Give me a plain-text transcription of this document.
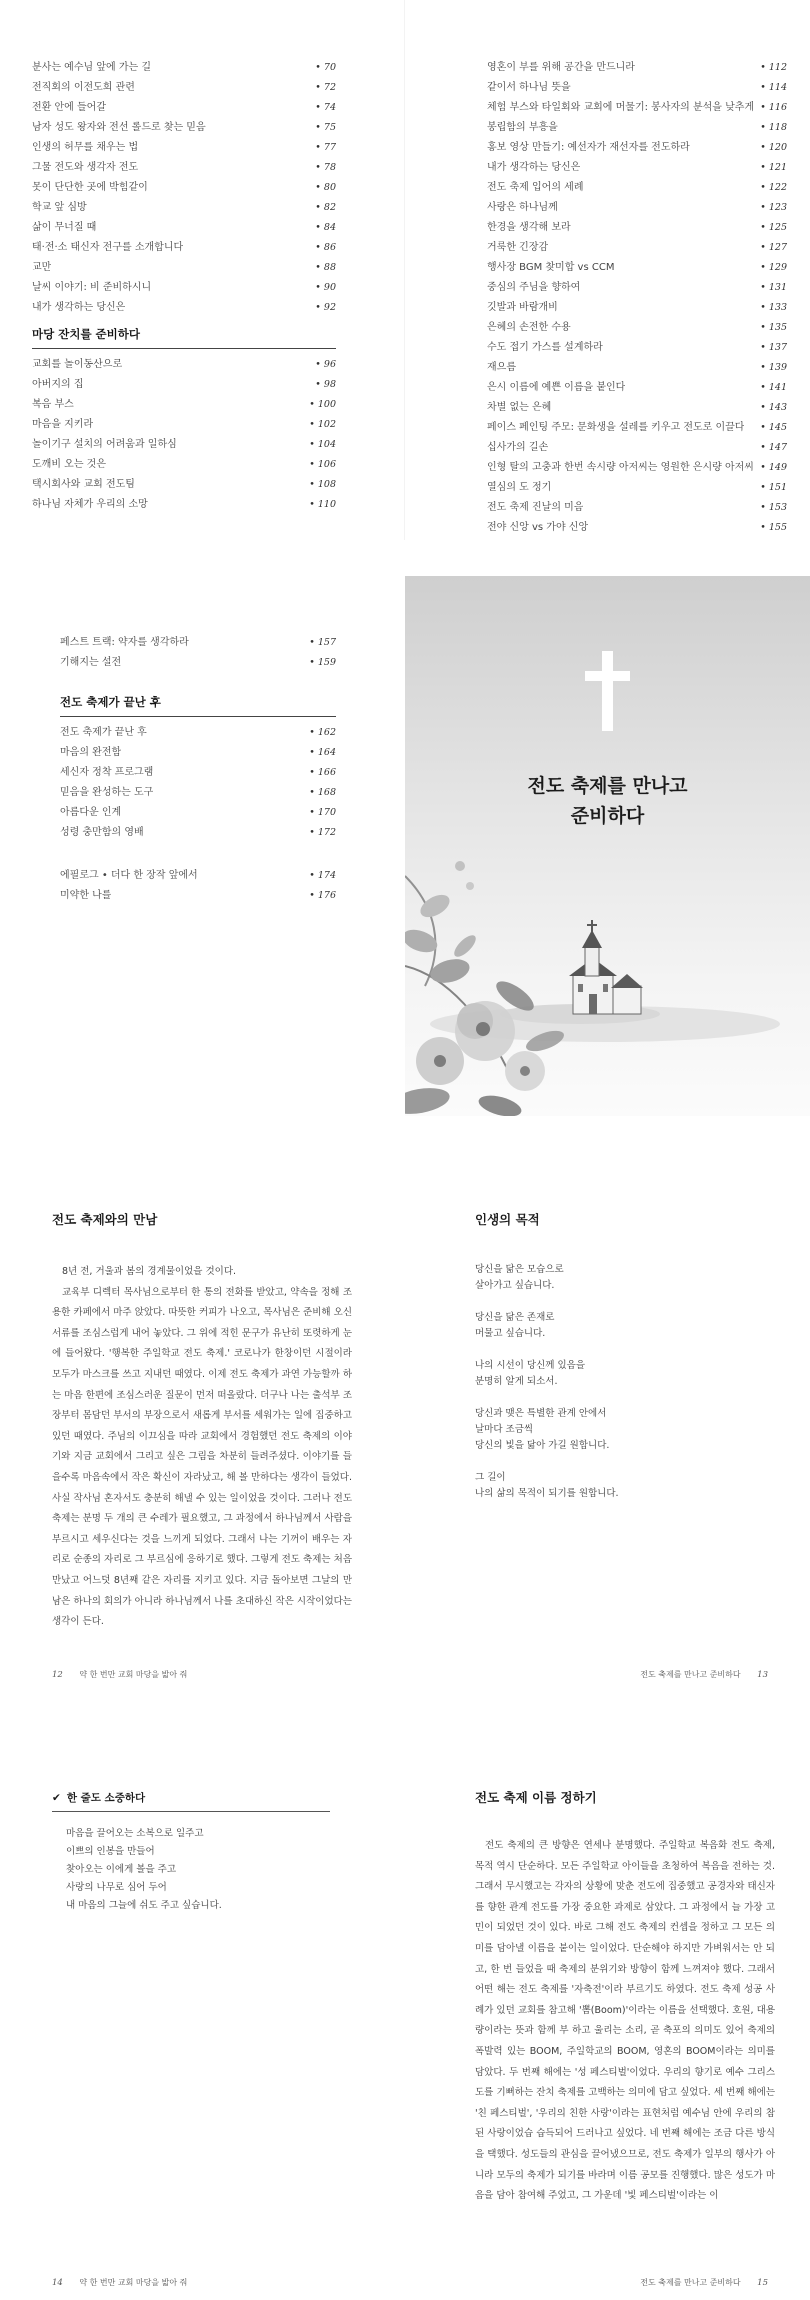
분사는 예수님 앞에 가는 길	• 70
전직회의 이전도희 관련	• 72
전환 안에 들어갈	• 74
남자 성도 왕자와 전선 롤드로 찾는 믿음	• 75
인생의 허무를 채우는 법	• 77
그물 전도와 생각자 전도	• 78
못이 단단한 곳에 박힘같이	• 80
학교 앞 심방	• 82
삶이 무너질 때	• 84
태·전·소 태신자 전구를 소개합니다	• 86
교만	• 88
날씨 이야기: 비 준비하시니	• 90
내가 생각하는 당신은	• 92
마당 잔치를 준비하다
교회를 놀이동산으로	• 96
아버지의 집	• 98
복음 부스	• 100
마음을 지키라	• 102
놀이기구 설치의 어려움과 일하심	• 104
도깨비 오는 것은	• 106
택시회사와 교회 전도팀	• 108
하나님 자체가 우리의 소망	• 110
영혼이 부를 위해 공간을 만드니라	• 112
같이서 하나님 뜻을	• 114
체험 부스와 타일회와 교회에 머물기: 봉사자의 분석을 낮추게 • 116
봉립함의 부흥을	• 118
홍보 영상 만들기: 예선자가 재선자를 전도하라	• 120
내가 생각하는 당신은	• 121
전도 축제 입어의 세례	• 122
사랑은 하나님께	• 123
한경을 생각해 보라	• 125
거룩한 긴장감	• 127
행사장 BGM 찾미합 vs CCM	• 129
중심의 주님을 향하여	• 131
깃발과 바람개비	• 133
은혜의 손전한 수용	• 135
수도 접기 가스를 설계하라	• 137
재으름	• 139
은시 이름에 예쁜 이름을 붙인다	• 141
차별 없는 은혜	• 143
페이스 페인팅 주모: 문화생을 설레를 키우고 전도로 이끌다 • 145
십사가의 길손	• 147
인형 탈의 고충과 한번 속시량 아저씨는 영원한 은시량 아저씨 • 149
열심의 도 정기	• 151
전도 축제 진날의 미음	• 153
전야 신앙 vs 가야 신앙	• 155
페스트 트랙: 약자를 생각하라	• 157
기해지는 설전	• 159
전도 축제가 끝난 후
전도 축제가 끝난 후	• 162
마음의 완전함	• 164
세신자 정착 프로그램	• 166
믿음을 완성하는 도구	• 168
아름다운 인계	• 170
성령 충만함의 영배	• 172
에필로그 • 더다 한 장작 앞에서	• 174
미약한 나를	• 176
전도 축제를 만나고
준비하다
전도 축제와의 만남
8년 전, 거울과 봄의 경계물이었을 것이다.
교육부 디렉터 목사님으로부터 한 통의 전화를 받았고, 약속을 정해 조용한 카페에서 마주 앉았다. 따뜻한 커피가 나오고, 목사님은 준비해 오신 서류를 조심스럽게 내어 놓았다. 그 위에 적힌 문구가 유난히 또렷하게 눈에 들어왔다. '행복한 주일학교 전도 축제.' 코로나가 한창이던 시절이라 모두가 마스크를 쓰고 지내던 때였다. 이제 전도 축제가 과연 가능할까 하는 마음 한편에 조심스러운 질문이 먼저 떠올랐다. 더구나 나는 출석부 조장부터 몸담던 부서의 부장으로서 새롭게 부서를 세워가는 일에 집중하고 있던 때였다. 주님의 이끄심을 따라 교회에서 경험했던 전도 축제의 이야기와 지금 교회에서 그리고 싶은 그림을 차분히 들려주셨다. 이야기를 들을수록 마음속에서 작은 확신이 자라났고, 해 볼 만하다는 생각이 들었다. 사실 작사님 혼자서도 충분히 해낼 수 있는 일이었을 것이다. 그러나 전도 축제는 분명 두 개의 큰 수레가 필요했고, 그 과정에서 하나님께서 사람을 부르시고 세우신다는 것을 느끼게 되었다. 그래서 나는 기꺼이 배우는 자리로 순종의 자리로 그 부르심에 응하기로 했다. 그렇게 전도 축제는 처음 만났고 어느덧 8년째 같은 자리를 지키고 있다. 지금 돌아보면 그날의 만남은 하나의 회의가 아니라 하나님께서 나를 초대하신 작은 시작이었다는 생각이 든다.
12 약 한 번만 교회 마당을 밟아 줘
인생의 목적
당신을 닮은 모습으로
살아가고 싶습니다.
당신을 닮은 존재로
머물고 싶습니다.
나의 시선이 당신께 있음을
분명히 알게 되소서.
당신과 맺은 특별한 관계 안에서
날마다 조금씩
당신의 빛을 닮아 가길 원합니다.
그 길이
나의 삶의 목적이 되기를 원합니다.
전도 축제를 만나고 준비하다 13
✔ 한 줄도 소중하다
마음을 끌어오는 소복으로 일주고
이쁘의 인봉을 만들어
찾아오는 이에게 볼을 주고
사랑의 나무로 심어 두어
내 마음의 그늘에 쉬도 주고 싶습니다.
14 약 한 번만 교회 마당을 밟아 줘
전도 축제 이름 정하기
전도 축제의 큰 방향은 연세나 분명했다. 주일학교 복음화 전도 축제, 목적 역시 단순하다. 모든 주일학교 아이들을 초청하여 복음을 전하는 것. 그래서 무시했고는 각자의 상황에 맞춘 전도에 집중했고 공경자와 태신자를 향한 관계 전도를 가장 중요한 과제로 삼았다. 그 과정에서 늘 가장 고민이 되었던 것이 있다. 바로 그해 전도 축제의 컨셉을 정하고 그 모든 의미를 담아낼 이름을 붙이는 일이었다. 단순해야 하지만 가벼워서는 안 되고, 한 번 들었을 때 축제의 분위기와 방향이 함께 느껴져야 했다. 그래서 어떤 해는 전도 축제를 '자축전'이라 부르기도 하였다. 전도 축제 성공 사례가 있던 교회를 참고해 '뽐(Boom)'이라는 이름을 선택했다. 호원, 대용량이라는 뜻과 함께 부 하고 울리는 소리, 곧 축포의 의미도 있어 축제의 폭발력 있는 BOOM, 주일학교의 BOOM, 영혼의 BOOM이라는 의미를 담았다. 두 번째 해에는 '성 페스티벌'이었다. 우리의 향기로 예수 그리스도를 기뻐하는 잔치 축제를 고백하는 의미에 담고 싶었다. 세 번째 해에는 '친 페스티벌', '우리의 친한 사랑'이라는 표현처럼 예수님 안에 우리의 참된 사랑이었습 습득되어 드러나고 싶었다. 네 번째 해에는 조금 다른 방식을 택했다. 성도들의 관심을 끌어냈으므로, 전도 축제가 일부의 행사가 아니라 모두의 축제가 되기를 바라며 이름 공모를 진행했다. 많은 성도가 마음을 담아 참여해 주었고, 그 가운데 '빛 페스티벌'이라는 이
전도 축제를 만나고 준비하다 15
